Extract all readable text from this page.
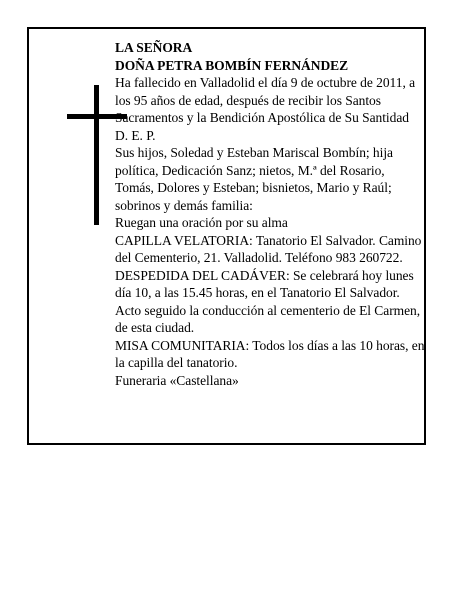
LA SEÑORA

DOÑA PETRA BOMBÍN FERNÁNDEZ

Ha fallecido en Valladolid el día 9 de octubre de 2011, a los 95 años de edad, después de recibir los Santos Sacramentos y la Bendición Apostólica de Su Santidad D. E. P.

Sus hijos, Soledad y Esteban Mariscal Bombín; hija política, Dedicación Sanz; nietos, M.ª del Rosario, Tomás, Dolores y Esteban; bisnietos, Mario y Raúl; sobrinos y demás familia:

Ruegan una oración por su alma

CAPILLA VELATORIA: Tanatorio El Salvador. Camino del Cementerio, 21. Valladolid. Teléfono 983 260722.

DESPEDIDA DEL CADÁVER: Se celebrará hoy lunes día 10, a las 15.45 horas, en el Tanatorio El Salvador. Acto seguido la conducción al cementerio de El Carmen, de esta ciudad.

MISA COMUNITARIA: Todos los días a las 10 horas, en la capilla del tanatorio.

Funeraria «Castellana»
